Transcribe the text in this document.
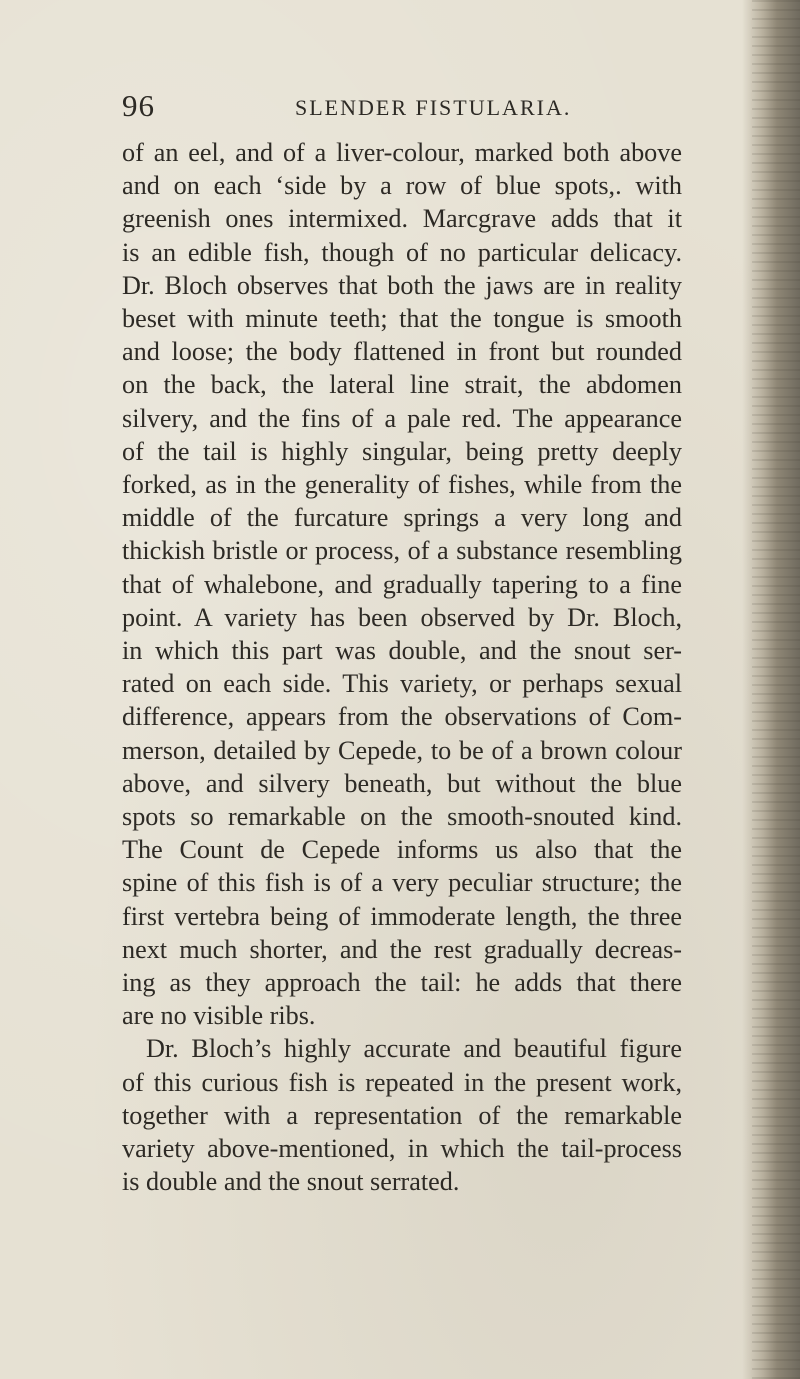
96	SLENDER FISTULARIA.

of an eel, and of a liver-colour, marked both above
and on each ‘side by a row of blue spots,. with
greenish ones intermixed. Marcgrave adds that it
is an edible fish, though of no particular delicacy.
Dr. Bloch observes that both the jaws are in reality
beset with minute teeth; that the tongue is smooth
and loose; the body flattened in front but rounded
on the back, the lateral line strait, the abdomen
silvery, and the fins of a pale red. The appearance
of the tail is highly singular, being pretty deeply
forked, as in the generality of fishes, while from the
middle of the furcature springs a very long and
thickish bristle or process, of a substance resembling
that of whalebone, and gradually tapering to a fine
point. A variety has been observed by Dr. Bloch,
in which this part was double, and the snout ser-
rated on each side. This variety, or perhaps sexual
difference, appears from the observations of Com-
merson, detailed by Cepede, to be of a brown colour
above, and silvery beneath, but without the blue
spots so remarkable on the smooth-snouted kind.
The Count de Cepede informs us also that the
spine of this fish is of a very peculiar structure; the
first vertebra being of immoderate length, the three
next much shorter, and the rest gradually decreas-
ing as they approach the tail: he adds that there
are no visible ribs.

Dr. Bloch’s highly accurate and beautiful figure
of this curious fish is repeated in the present work,
together with a representation of the remarkable
variety above-mentioned, in which the tail-process
is double and the snout serrated.
